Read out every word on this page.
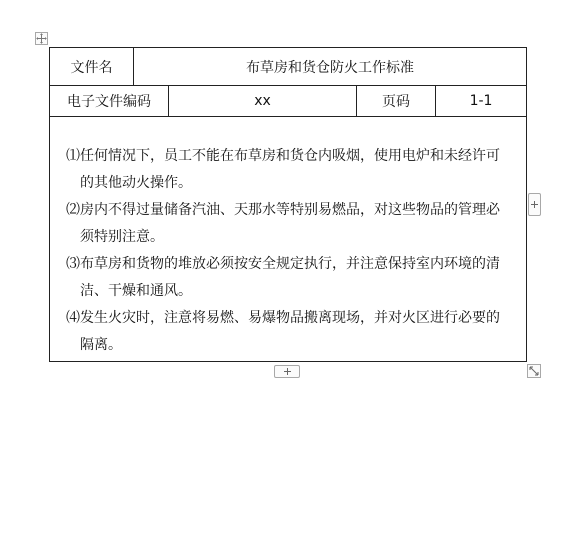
文件名	布草房和货仓防火工作标准
电子文件编码	xx	页码	1-1
⑴ 任何情况下，员工不能在布草房和货仓内吸烟，使用电炉和未经许可的其他动火操作。
⑵ 房内不得过量储备汽油、天那水等特别易燃品，对这些物品的管理必须特别注意。
⑶ 布草房和货物的堆放必须按安全规定执行，并注意保持室内环境的清洁、干燥和通风。
⑷ 发生火灾时，注意将易燃、易爆物品搬离现场，并对火区进行必要的隔离。
